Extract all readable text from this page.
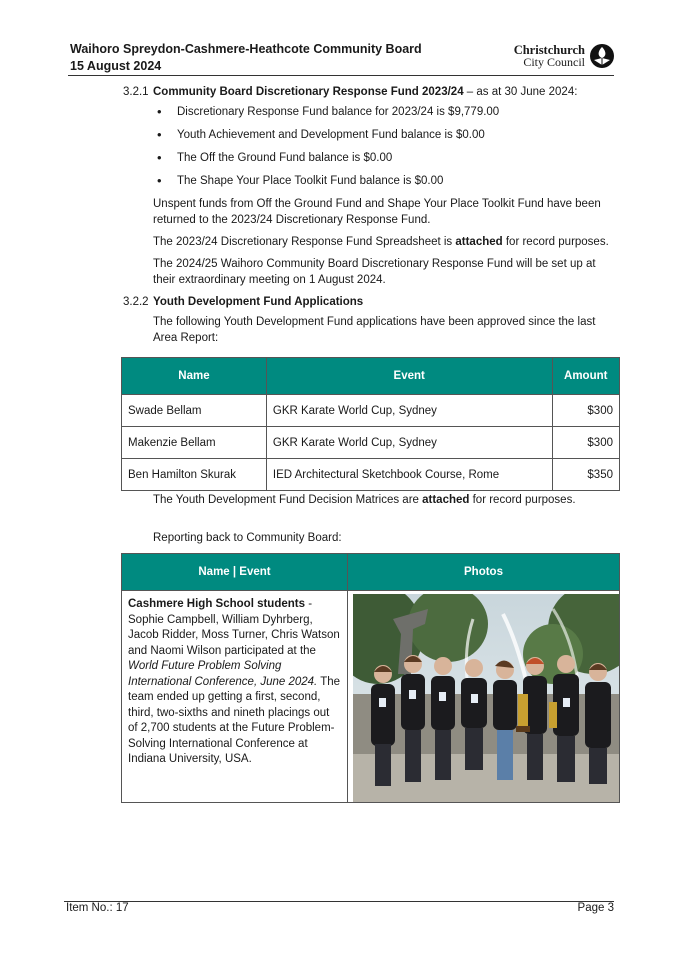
Waihoro Spreydon-Cashmere-Heathcote Community Board
15 August 2024
Christchurch
City Council
3.2.1 Community Board Discretionary Response Fund 2023/24 – as at 30 June 2024:
• Discretionary Response Fund balance for 2023/24 is $9,779.00
• Youth Achievement and Development Fund balance is $0.00
• The Off the Ground Fund balance is $0.00
• The Shape Your Place Toolkit Fund balance is $0.00

Unspent funds from Off the Ground Fund and Shape Your Place Toolkit Fund have been returned to the 2023/24 Discretionary Response Fund.

The 2023/24 Discretionary Response Fund Spreadsheet is attached for record purposes.

The 2024/25 Waihoro Community Board Discretionary Response Fund will be set up at their extraordinary meeting on 1 August 2024.

3.2.2 Youth Development Fund Applications

The following Youth Development Fund applications have been approved since the last Area Report:

Name	Event	Amount
Swade Bellam	GKR Karate World Cup, Sydney	$300
Makenzie Bellam	GKR Karate World Cup, Sydney	$300
Ben Hamilton Skurak	IED Architectural Sketchbook Course, Rome	$350
The Youth Development Fund Decision Matrices are attached for record purposes.
Reporting back to Community Board:
Name | Event	Photos
Cashmere High School students - Sophie Campbell, William Dyhrberg, Jacob Ridder, Moss Turner, Chris Watson and Naomi Wilson participated at the World Future Problem Solving International Conference, June 2024. The team ended up getting a first, second, third, two-sixths and nineth placings out of 2,700 students at the Future Problem-Solving International Conference at Indiana University, USA.	
Item No.: 17	Page 3
